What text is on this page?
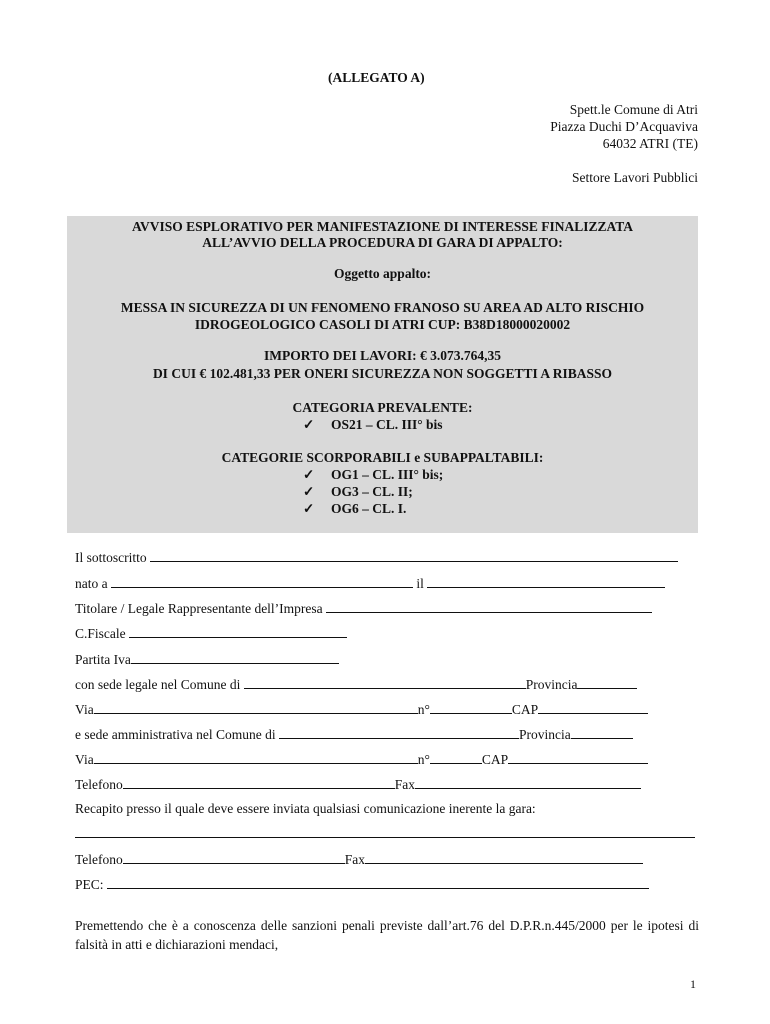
(ALLEGATO A)
Spett.le Comune di Atri
Piazza Duchi D’Acquaviva
64032 ATRI (TE)
Settore Lavori Pubblici
AVVISO ESPLORATIVO PER MANIFESTAZIONE DI INTERESSE FINALIZZATA
ALL’AVVIO DELLA PROCEDURA DI GARA DI APPALTO:
Oggetto appalto:
MESSA IN SICUREZZA DI UN FENOMENO FRANOSO SU AREA AD ALTO RISCHIO
IDROGEOLOGICO CASOLI DI ATRI CUP: B38D18000020002
IMPORTO DEI LAVORI: € 3.073.764,35
DI CUI € 102.481,33 PER ONERI SICUREZZA NON SOGGETTI A RIBASSO
CATEGORIA PREVALENTE:
✓ OS21 – CL. III° bis
CATEGORIE SCORPORABILI e SUBAPPALTABILI:
✓ OG1 – CL. III° bis;
✓ OG3 – CL. II;
✓ OG6 – CL. I.
Il sottoscritto
nato a	il
Titolare / Legale Rappresentante dell’Impresa
C.Fiscale
Partita Iva
con sede legale nel Comune di	Provincia
Via	n°	CAP
e sede amministrativa nel Comune di	Provincia
Via	n°	CAP
Telefono	Fax
Recapito presso il quale deve essere inviata qualsiasi comunicazione inerente la gara:
Telefono	Fax
PEC:
Premettendo che è a conoscenza delle sanzioni penali previste dall’art.76 del D.P.R.n.445/2000 per le ipotesi di falsità in atti e dichiarazioni mendaci,
1
